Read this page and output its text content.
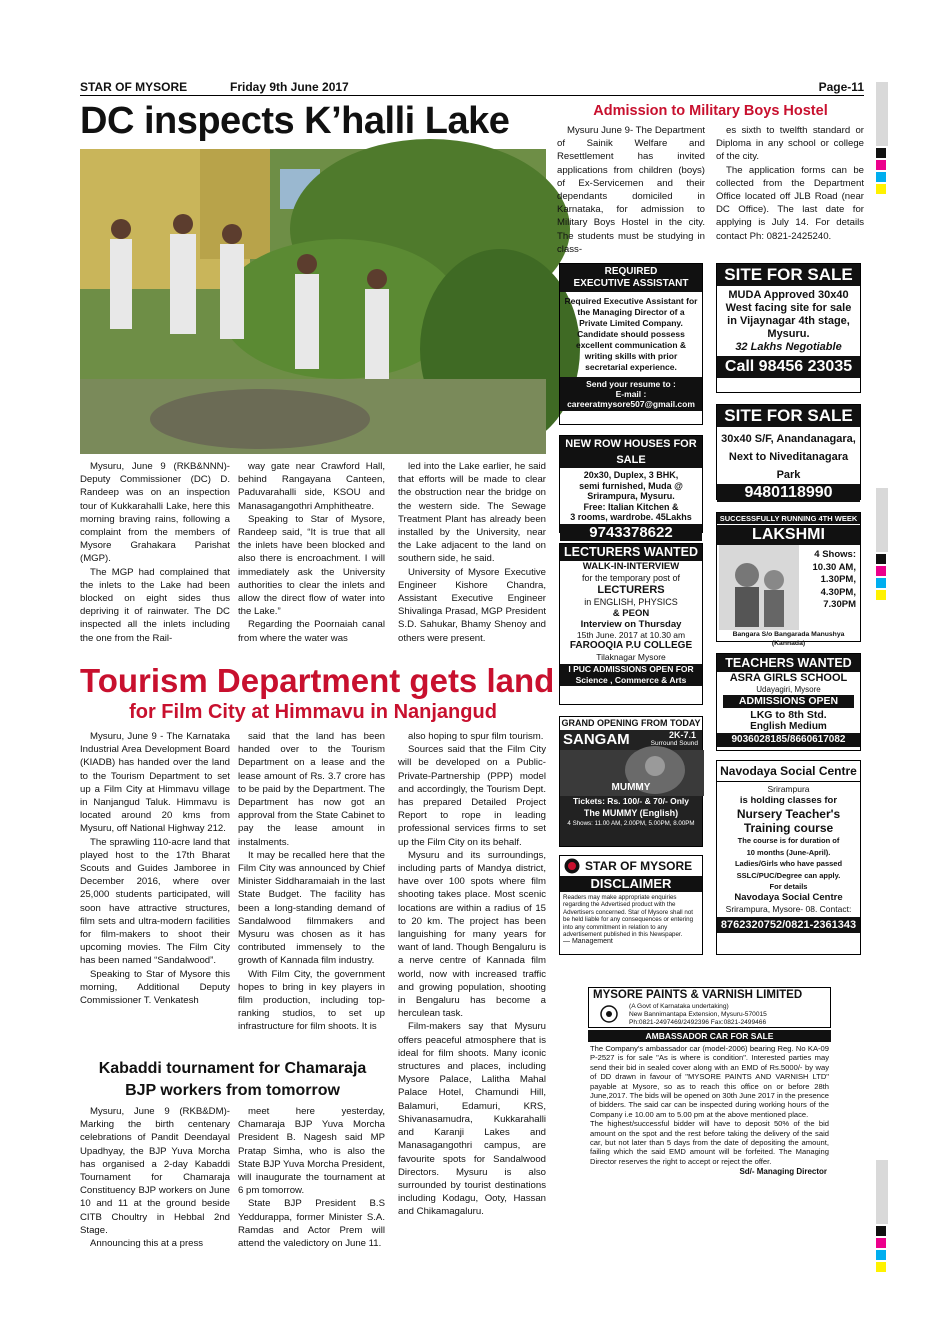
STAR OF MYSORE	Friday 9th June 2017	Page-11
DC inspects K’halli Lake

Mysuru, June 9 (RKB&NNN)- Deputy Commissioner (DC) D. Randeep was on an inspection tour of Kukkarahalli Lake, here this morning braving rains, following a complaint from the members of Mysore Grahakara Parishat (MGP).

The MGP had complained that the inlets to the Lake had been blocked on eight sides thus depriving it of rainwater. The DC inspected all the inlets including the one from the Rail-

way gate near Crawford Hall, behind Rangayana Canteen, Paduvarahalli side, KSOU and Manasagangothri Amphitheatre.

Speaking to Star of Mysore, Randeep said, “It is true that all the inlets have been blocked and also there is encroachment. I will immediately ask the University authorities to clear the inlets and allow the direct flow of water into the Lake.”

Regarding the Poornaiah canal from where the water was

led into the Lake earlier, he said that efforts will be made to clear the obstruction near the bridge on the western side. The Sewage Treatment Plant has already been installed by the University, near the Lake adjacent to the land on southern side, he said.

University of Mysore Executive Engineer Kishore Chandra, Assistant Executive Engineer Shivalinga Prasad, MGP President S.D. Sahukar, Bhamy Shenoy and others were present.

Tourism Department gets land
for Film City at Himmavu in Nanjangud

Mysuru, June 9 - The Karnataka Industrial Area Development Board (KIADB) has handed over the land to the Tourism Department to set up a Film City at Himmavu village in Nanjangud Taluk. Himmavu is located around 20 kms from Mysuru, off National Highway 212.

The sprawling 110-acre land that played host to the 17th Bharat Scouts and Guides Jamboree in December 2016, where over 25,000 students participated, will soon have attractive structures, film sets and ultra-modern facilities for film-makers to shoot their upcoming movies. The Film City has been named “Sandalwood”.

Speaking to Star of Mysore this morning, Additional Deputy Commissioner T. Venkatesh

said that the land has been handed over to the Tourism Department on a lease and the lease amount of Rs. 3.7 crore has to be paid by the Department. The Department has now got an approval from the State Cabinet to pay the lease amount in instalments.

It may be recalled here that the Film City was announced by Chief Minister Siddharamaiah in the last State Budget. The facility has been a long-standing demand of Sandalwood filmmakers and Mysuru was chosen as it has contributed immensely to the growth of Kannada film industry.

With Film City, the government hopes to bring in key players in film production, including top-ranking studios, to set up infrastructure for film shoots. It is

also hoping to spur film tourism.

Sources said that the Film City will be developed on a Public-Private-Partnership (PPP) model and accordingly, the Tourism Dept. has prepared Detailed Project Report to rope in leading professional services firms to set up the Film City on its behalf.

Mysuru and its surroundings, including parts of Mandya district, have over 100 spots where film shooting takes place. Most scenic locations are within a radius of 15 to 20 km. The project has been languishing for many years for want of land. Though Bengaluru is a nerve centre of Kannada film world, now with increased traffic and growing population, shooting in Bengaluru has become a herculean task.

Film-makers say that Mysuru offers peaceful atmosphere that is ideal for film shoots. Many iconic structures and places, including Mysore Palace, Lalitha Mahal Palace Hotel, Chamundi Hill, Balamuri, Edamuri, KRS, Shivanasamudra, Kukkarahalli and Karanji Lakes and Manasagangothri campus, are favourite spots for Sandalwood Directors. Mysuru is also surrounded by tourist destinations including Kodagu, Ooty, Hassan and Chikamagaluru.

Kabaddi tournament for Chamaraja
BJP workers from tomorrow

Mysuru, June 9 (RKB&DM)- Marking the birth centenary celebrations of Pandit Deendayal Upadhyay, the BJP Yuva Morcha has organised a 2-day Kabaddi Tournament for Chamaraja Constituency BJP workers on June 10 and 11 at the ground beside CITB Choultry in Hebbal 2nd Stage.

Announcing this at a press

meet here yesterday, Chamaraja BJP Yuva Morcha President B. Nagesh said MP Pratap Simha, who is also the State BJP Yuva Morcha President, will inaugurate the tournament at 6 pm tomorrow.

State BJP President B.S Yeddurappa, former Minister S.A. Ramdas and Actor Prem will attend the valedictory on June 11.

Admission to Military Boys Hostel

Mysuru June 9- The Department of Sainik Welfare and Resettlement has invited applications from children (boys) of Ex-Servicemen and their dependants domiciled in Karnataka, for admission to Military Boys Hostel in the city. The students must be studying in class-

es sixth to twelfth standard or Diploma in any school or college of the city.

The application forms can be collected from the Department Office located off JLB Road (near DC Office). The last date for applying is July 14. For details contact Ph: 0821-2425240.

REQUIRED
EXECUTIVE ASSISTANT
Required Executive Assistant for the Managing Director of a Private Limited Company. Candidate should possess excellent communication & writing skills with prior secretarial experience.
Send your resume to :
E-mail :
careeratmysore507@gmail.com
SITE FOR SALE
MUDA Approved 30x40
West facing site for sale
in Vijaynagar 4th stage,
Mysuru.
32 Lakhs Negotiable
Call 98456 23035
SITE FOR SALE
30x40 S/F, Anandanagara,
Next to Niveditanagara Park
9480118990
NEW ROW HOUSES FOR SALE
20x30, Duplex, 3 BHK,
semi furnished, Muda @
Srirampura, Mysuru.
Free: Italian Kitchen &
3 rooms, wardrobe. 45Lakhs
9743378622
SUCCESSFULLY RUNNING 4TH WEEK
LAKSHMI
4 Shows:
10.30 AM,
1.30PM,
4.30PM,
7.30PM
Bangara S/o Bangarada Manushya (Kannada)
LECTURERS WANTED
WALK-IN-INTERVIEW
for the temporary post of
LECTURERS
in ENGLISH, PHYSICS
& PEON
Interview on Thursday
15th June. 2017 at 10.30 am
FAROOQIA P.U COLLEGE
Tilaknagar Mysore
I PUC ADMISSIONS OPEN FOR
Science , Commerce & Arts
TEACHERS WANTED
ASRA GIRLS SCHOOL
Udayagiri, Mysore
ADMISSIONS OPEN
LKG to 8th Std.
English Medium
9036028185/8660617082
GRAND OPENING FROM TODAY
SANGAM	2K-7.1
Surround Sound
MUMMY
Tickets: Rs. 100/- & 70/- Only
The MUMMY (English)
4 Shows: 11.00 AM, 2.00PM, 5.00PM, 8.00PM
Navodaya Social Centre
Srirampura
is holding classes for
Nursery Teacher's
Training course
The course is for duration of
10 months (June-April).
Ladies/Girls who have passed
SSLC/PUC/Degree can apply.
For details
Navodaya Social Centre
Srirampura, Mysore- 08. Contact:
8762320752/0821-2361343
STAR OF MYSORE
DISCLAIMER
Readers may make appropriate enquiries regarding the Advertised product with the Advertisers concerned. Star of Mysore shall not be held liable for any consequences or entering into any commitment in relation to any advertisement published in this Newspaper.
— Management
MYSORE PAINTS & VARNISH LIMITED
(A Govt of Karnataka undertaking)
New Bannimantapa Extension, Mysuru-570015
Ph:0821-2497469/2492396 Fax:0821-2499466
AMBASSADOR CAR FOR SALE

The Company's ambassador car (model-2006) bearing Reg. No KA-09 P-2527 is for sale "As is where is condition". Interested parties may send their bid in sealed cover along with an EMD of Rs.5000/- by way of DD drawn in favour of "MYSORE PAINTS AND VARNISH LTD" payable at Mysore, so as to reach this office on or before 28th June,2017. The bids will be opened on 30th June 2017 in the presence of bidders. The said car can be inspected during working hours of the Company i.e 10.00 am to 5.00 pm at the above mentioned place.

The highest/successful bidder will have to deposit 50% of the bid amount on the spot and the rest before taking the delivery of the said car, but not later than 5 days from the date of depositing the amount, failing which the said EMD amount will be forfeited. The Managing Director reserves the right to accept or reject the offer.

Sd/- Managing Director
